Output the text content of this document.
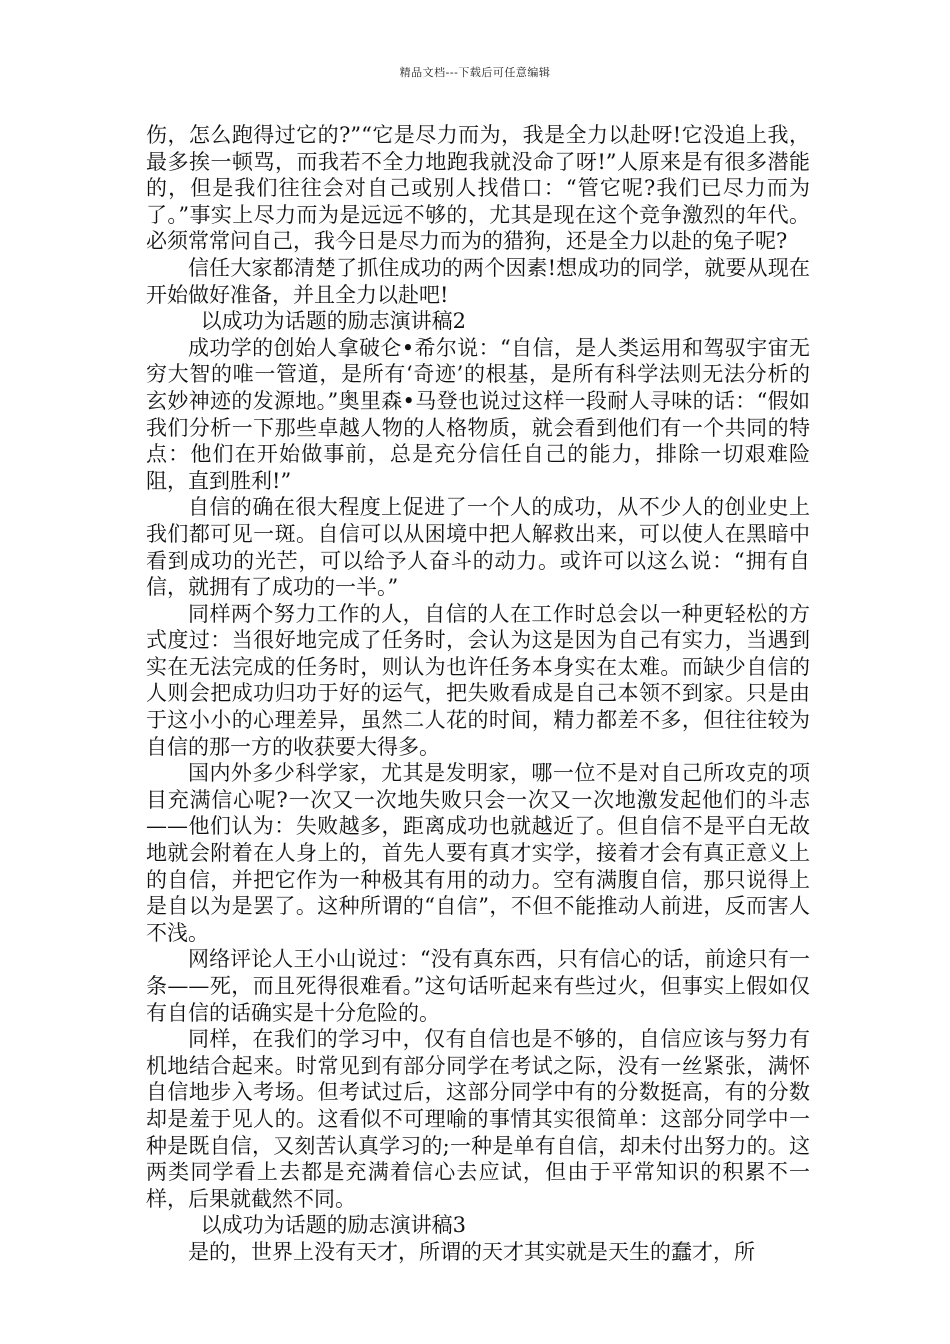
精品文档---下载后可任意编辑

伤，怎么跑得过它的?”“它是尽力而为，我是全力以赴呀!它没追上我，最多挨一顿骂，而我若不全力地跑我就没命了呀!”人原来是有很多潜能的，但是我们往往会对自己或别人找借口：“管它呢?我们已尽力而为了。”事实上尽力而为是远远不够的，尤其是现在这个竞争激烈的年代。必须常常问自己，我今日是尽力而为的猎狗，还是全力以赴的兔子呢?

信任大家都清楚了抓住成功的两个因素!想成功的同学，就要从现在开始做好准备，并且全力以赴吧!

以成功为话题的励志演讲稿2

成功学的创始人拿破仑•希尔说：“自信，是人类运用和驾驭宇宙无穷大智的唯一管道，是所有‘奇迹’的根基，是所有科学法则无法分析的玄妙神迹的发源地。”奥里森•马登也说过这样一段耐人寻味的话：“假如我们分析一下那些卓越人物的人格物质，就会看到他们有一个共同的特点：他们在开始做事前，总是充分信任自己的能力，排除一切艰难险阻，直到胜利!”

自信的确在很大程度上促进了一个人的成功，从不少人的创业史上我们都可见一斑。自信可以从困境中把人解救出来，可以使人在黑暗中看到成功的光芒，可以给予人奋斗的动力。或许可以这么说：“拥有自信，就拥有了成功的一半。”

同样两个努力工作的人，自信的人在工作时总会以一种更轻松的方式度过：当很好地完成了任务时，会认为这是因为自己有实力，当遇到实在无法完成的任务时，则认为也许任务本身实在太难。而缺少自信的人则会把成功归功于好的运气，把失败看成是自己本领不到家。只是由于这小小的心理差异，虽然二人花的时间，精力都差不多，但往往较为自信的那一方的收获要大得多。

国内外多少科学家，尤其是发明家，哪一位不是对自己所攻克的项目充满信心呢?一次又一次地失败只会一次又一次地激发起他们的斗志——他们认为：失败越多，距离成功也就越近了。但自信不是平白无故地就会附着在人身上的，首先人要有真才实学，接着才会有真正意义上的自信，并把它作为一种极其有用的动力。空有满腹自信，那只说得上是自以为是罢了。这种所谓的“自信”，不但不能推动人前进，反而害人不浅。

网络评论人王小山说过：“没有真东西，只有信心的话，前途只有一条——死，而且死得很难看。”这句话听起来有些过火，但事实上假如仅有自信的话确实是十分危险的。

同样，在我们的学习中，仅有自信也是不够的，自信应该与努力有机地结合起来。时常见到有部分同学在考试之际，没有一丝紧张，满怀自信地步入考场。但考试过后，这部分同学中有的分数挺高，有的分数却是羞于见人的。这看似不可理喻的事情其实很简单：这部分同学中一种是既自信，又刻苦认真学习的;一种是单有自信，却未付出努力的。这两类同学看上去都是充满着信心去应试，但由于平常知识的积累不一样，后果就截然不同。

以成功为话题的励志演讲稿3

是的，世界上没有天才，所谓的天才其实就是天生的蠢才，所
